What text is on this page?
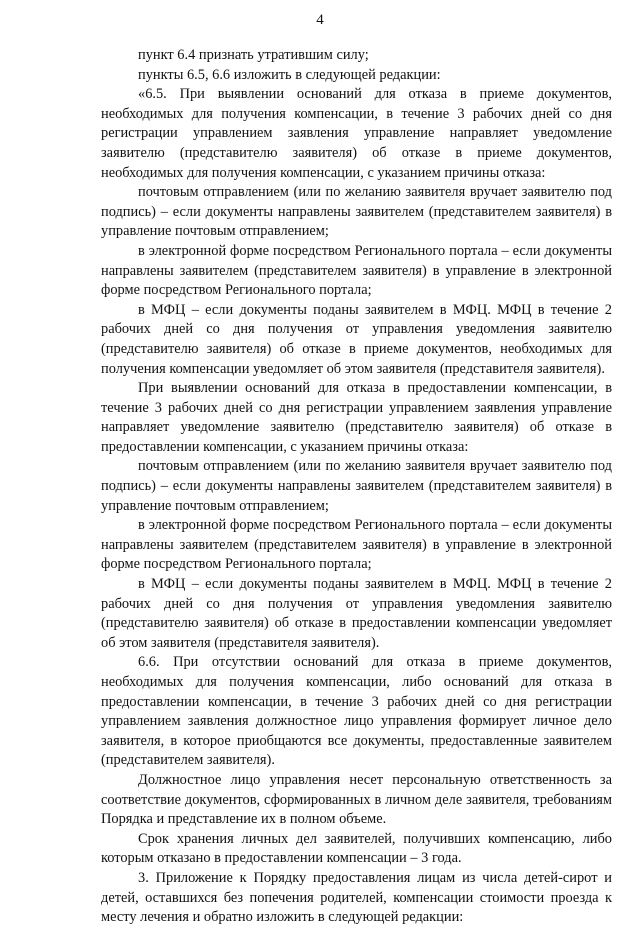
4

пункт 6.4 признать утратившим силу;

пункты 6.5, 6.6 изложить в следующей редакции:

«6.5. При выявлении оснований для отказа в приеме документов, необходимых для получения компенсации, в течение 3 рабочих дней со дня регистрации управлением заявления управление направляет уведомление заявителю (представителю заявителя) об отказе в приеме документов, необходимых для получения компенсации, с указанием причины отказа:

почтовым отправлением (или по желанию заявителя вручает заявителю под подпись) – если документы направлены заявителем (представителем заявителя) в управление почтовым отправлением;

в электронной форме посредством Регионального портала – если документы направлены заявителем (представителем заявителя) в управление в электронной форме посредством Регионального портала;

в МФЦ – если документы поданы заявителем в МФЦ. МФЦ в течение 2 рабочих дней со дня получения от управления уведомления заявителю (представителю заявителя) об отказе в приеме документов, необходимых для получения компенсации уведомляет об этом заявителя (представителя заявителя).

При выявлении оснований для отказа в предоставлении компенсации, в течение 3 рабочих дней со дня регистрации управлением заявления управление направляет уведомление заявителю (представителю заявителя) об отказе в предоставлении компенсации, с указанием причины отказа:

почтовым отправлением (или по желанию заявителя вручает заявителю под подпись) – если документы направлены заявителем (представителем заявителя) в управление почтовым отправлением;

в электронной форме посредством Регионального портала – если документы направлены заявителем (представителем заявителя) в управление в электронной форме посредством Регионального портала;

в МФЦ – если документы поданы заявителем в МФЦ. МФЦ в течение 2 рабочих дней со дня получения от управления уведомления заявителю (представителю заявителя) об отказе в предоставлении компенсации уведомляет об этом заявителя (представителя заявителя).

6.6. При отсутствии оснований для отказа в приеме документов, необходимых для получения компенсации, либо оснований для отказа в предоставлении компенсации, в течение 3 рабочих дней со дня регистрации управлением заявления должностное лицо управления формирует личное дело заявителя, в которое приобщаются все документы, предоставленные заявителем (представителем заявителя).

Должностное лицо управления несет персональную ответственность за соответствие документов, сформированных в личном деле заявителя, требованиям Порядка и представление их в полном объеме.

Срок хранения личных дел заявителей, получивших компенсацию, либо которым отказано в предоставлении компенсации – 3 года.

3. Приложение к Порядку предоставления лицам из числа детей-сирот и детей, оставшихся без попечения родителей, компенсации стоимости проезда к месту лечения и обратно изложить в следующей редакции:
